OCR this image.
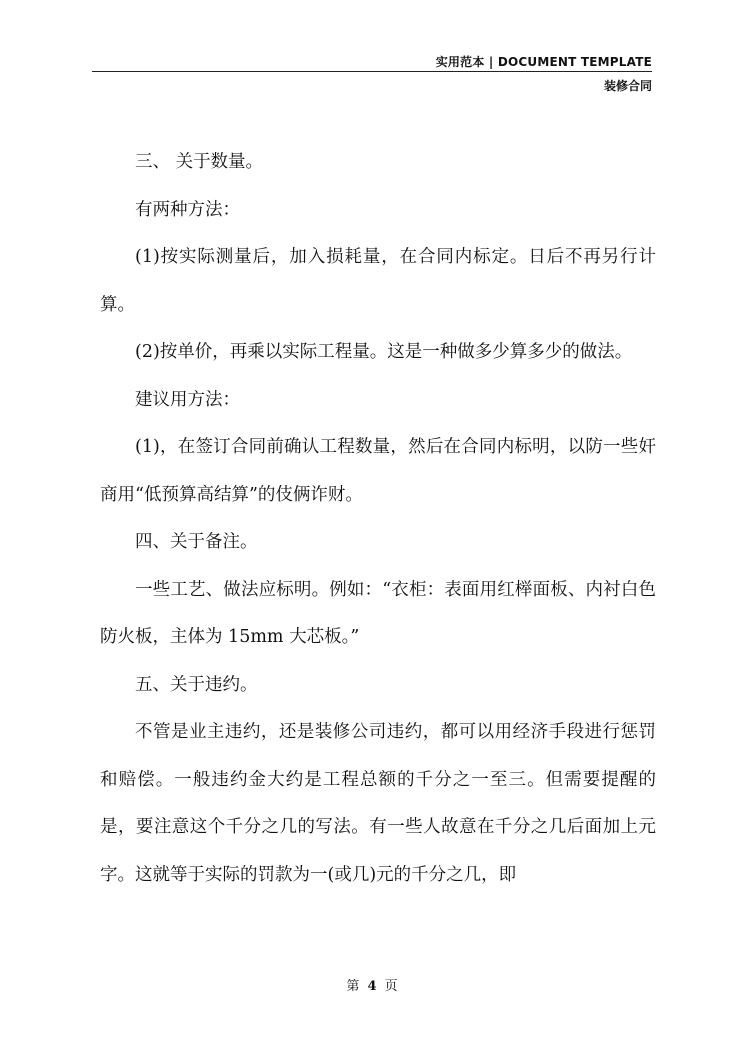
实用范本 | DOCUMENT TEMPLATE
装修合同

三、 关于数量。

有两种方法：

(1)按实际测量后，加入损耗量，在合同内标定。日后不再另行计算。

(2)按单价，再乘以实际工程量。这是一种做多少算多少的做法。

建议用方法：

(1)，在签订合同前确认工程数量，然后在合同内标明，以防一些奸商用“低预算高结算”的伎俩诈财。

四、关于备注。

一些工艺、做法应标明。例如：“衣柜：表面用红榉面板、内衬白色防火板，主体为 15mm 大芯板。”

五、关于违约。

不管是业主违约，还是装修公司违约，都可以用经济手段进行惩罚和赔偿。一般违约金大约是工程总额的千分之一至三。但需要提醒的是，要注意这个千分之几的写法。有一些人故意在千分之几后面加上元字。这就等于实际的罚款为一(或几)元的千分之几，即

第 4 页
